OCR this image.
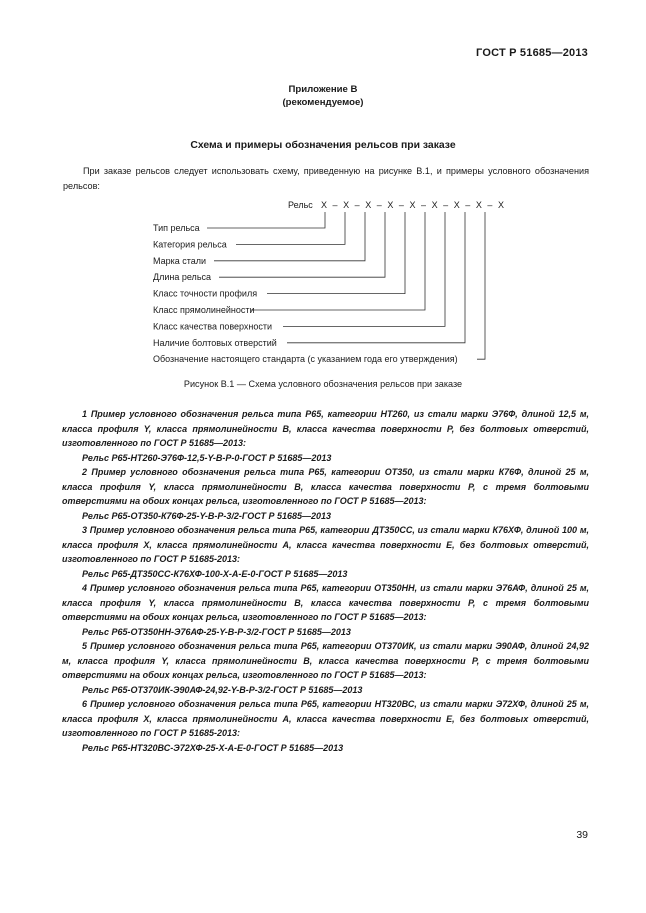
ГОСТ Р 51685—2013
Приложение В
(рекомендуемое)
Схема и примеры обозначения рельсов при заказе

При заказе рельсов следует использовать схему, приведенную на рисунке В.1, и примеры условного обозначения рельсов:

Рельс Х – Х – Х – Х – Х – Х – Х – Х – Х
Тип рельса
Категория рельса
Марка стали
Длина рельса
Класс точности профиля
Класс прямолинейности
Класс качества поверхности
Наличие болтовых отверстий
Обозначение настоящего стандарта (с указанием года его утверждения)
Рисунок В.1 — Схема условного обозначения рельсов при заказе

1 Пример условного обозначения рельса типа Р65, категории НТ260, из стали марки Э76Ф, длиной 12,5 м, класса профиля Y, класса прямолинейности В, класса качества поверхности Р, без болтовых отверстий, изготовленного по ГОСТ Р 51685—2013:

Рельс Р65-НТ260-Э76Ф-12,5-Y-В-Р-0-ГОСТ Р 51685—2013

2 Пример условного обозначения рельса типа Р65, категории ОТ350, из стали марки К76Ф, длиной 25 м, класса профиля Y, класса прямолинейности В, класса качества поверхности Р, с тремя болтовыми отверстиями на обоих концах рельса, изготовленного по ГОСТ Р 51685—2013:

Рельс Р65-ОТ350-К76Ф-25-Y-В-Р-3/2-ГОСТ Р 51685—2013

3 Пример условного обозначения рельса типа Р65, категории ДТ350СС, из стали марки К76ХФ, длиной 100 м, класса профиля Х, класса прямолинейности А, класса качества поверхности Е, без болтовых отверстий, изготовленного по ГОСТ Р 51685-2013:

Рельс Р65-ДТ350СС-К76ХФ-100-Х-А-Е-0-ГОСТ Р 51685—2013

4 Пример условного обозначения рельса типа Р65, категории ОТ350НН, из стали марки Э76АФ, длиной 25 м, класса профиля Y, класса прямолинейности В, класса качества поверхности Р, с тремя болтовыми отверстиями на обоих концах рельса, изготовленного по ГОСТ Р 51685—2013:

Рельс Р65-ОТ350НН-Э76АФ-25-Y-В-Р-3/2-ГОСТ Р 51685—2013

5 Пример условного обозначения рельса типа Р65, категории ОТ370ИК, из стали марки Э90АФ, длиной 24,92 м, класса профиля Y, класса прямолинейности В, класса качества поверхности Р, с тремя болтовыми отверстиями на обоих концах рельса, изготовленного по ГОСТ Р 51685—2013:

Рельс Р65-ОТ370ИК-Э90АФ-24,92-Y-В-Р-3/2-ГОСТ Р 51685—2013

6 Пример условного обозначения рельса типа Р65, категории НТ320ВС, из стали марки Э72ХФ, длиной 25 м, класса профиля Х, класса прямолинейности А, класса качества поверхности Е, без болтовых отверстий, изготовленного по ГОСТ Р 51685-2013:

Рельс Р65-НТ320ВС-Э72ХФ-25-Х-А-Е-0-ГОСТ Р 51685—2013

39
